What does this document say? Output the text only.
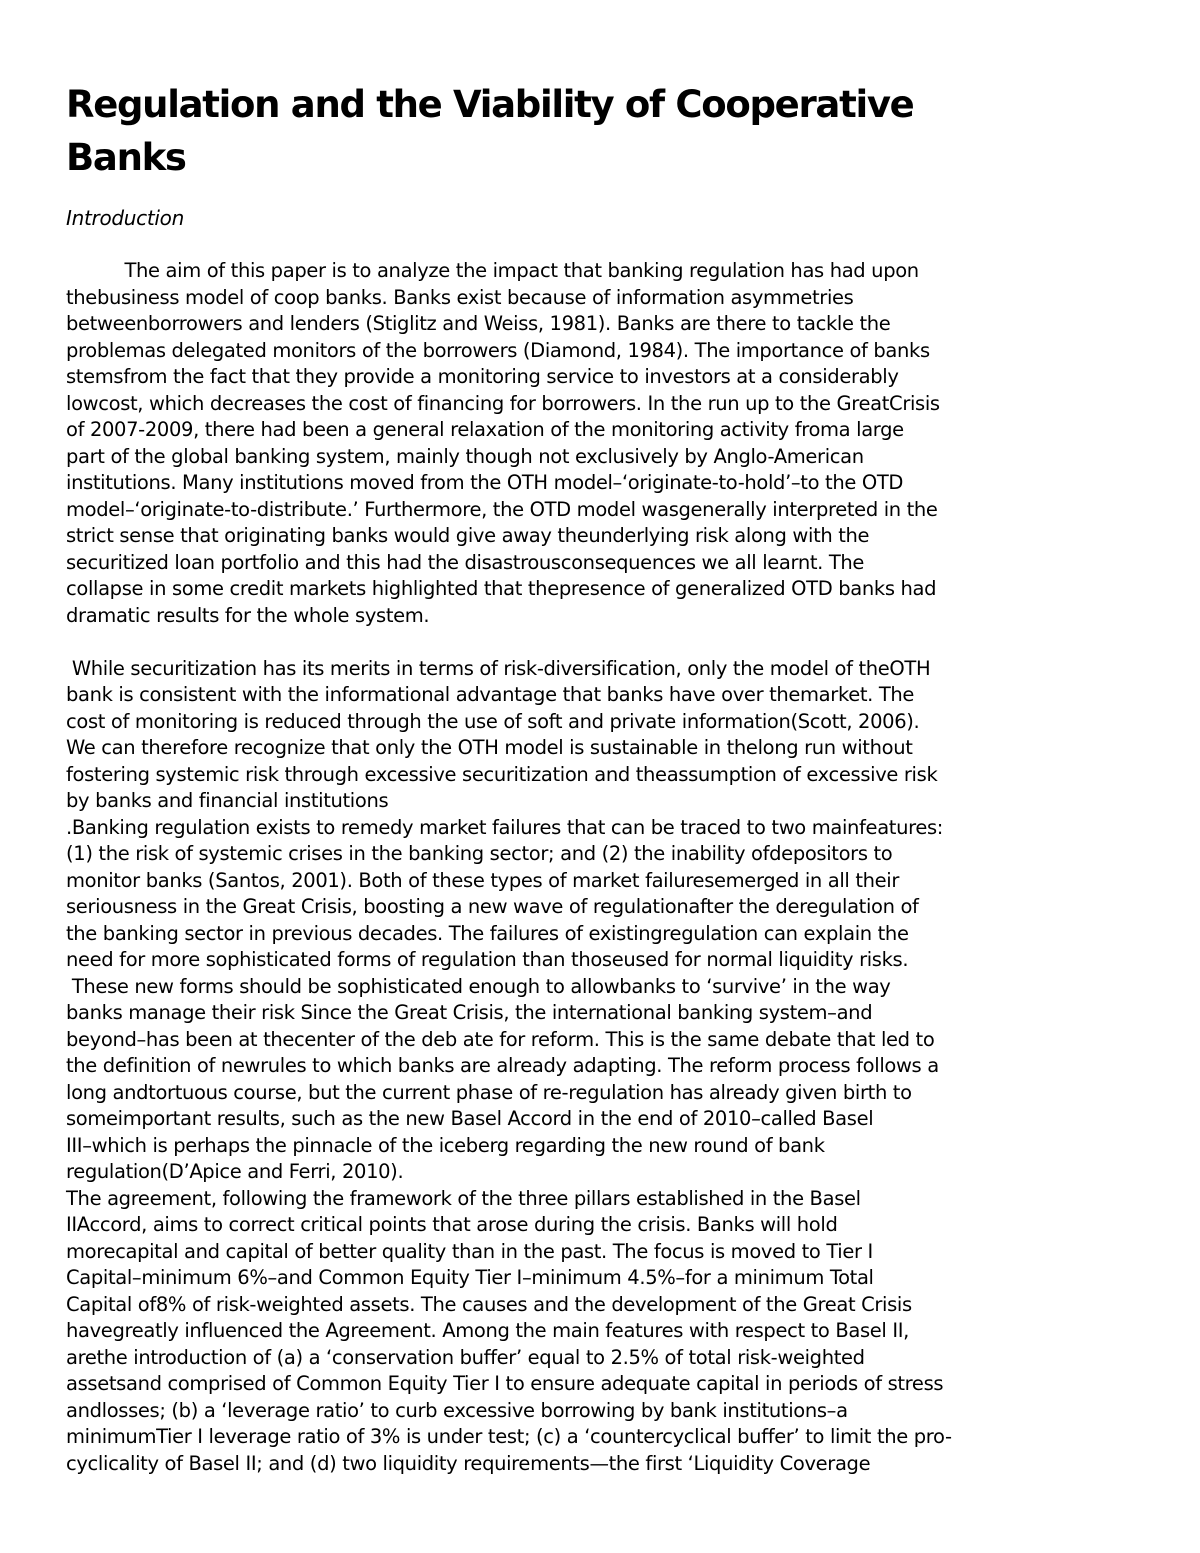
Regulation and the Viability of Cooperative
Banks

Introduction

The aim of this paper is to analyze the impact that banking regulation has had upon
thebusiness model of coop banks. Banks exist because of information asymmetries
betweenborrowers and lenders (Stiglitz and Weiss, 1981). Banks are there to tackle the
problemas delegated monitors of the borrowers (Diamond, 1984). The importance of banks
stemsfrom the fact that they provide a monitoring service to investors at a considerably
lowcost, which decreases the cost of financing for borrowers. In the run up to the GreatCrisis
of 2007-2009, there had been a general relaxation of the monitoring activity froma large
part of the global banking system, mainly though not exclusively by Anglo-American
institutions. Many institutions moved from the OTH model–‘originate-to-hold’–to the OTD
model–‘originate-to-distribute.’ Furthermore, the OTD model wasgenerally interpreted in the
strict sense that originating banks would give away theunderlying risk along with the
securitized loan portfolio and this had the disastrousconsequences we all learnt. The
collapse in some credit markets highlighted that thepresence of generalized OTD banks had
dramatic results for the whole system.
While securitization has its merits in terms of risk-diversification, only the model of theOTH
bank is consistent with the informational advantage that banks have over themarket. The
cost of monitoring is reduced through the use of soft and private information(Scott, 2006).
We can therefore recognize that only the OTH model is sustainable in thelong run without
fostering systemic risk through excessive securitization and theassumption of excessive risk
by banks and financial institutions
.Banking regulation exists to remedy market failures that can be traced to two mainfeatures:
(1) the risk of systemic crises in the banking sector; and (2) the inability ofdepositors to
monitor banks (Santos, 2001). Both of these types of market failuresemerged in all their
seriousness in the Great Crisis, boosting a new wave of regulationafter the deregulation of
the banking sector in previous decades. The failures of existingregulation can explain the
need for more sophisticated forms of regulation than thoseused for normal liquidity risks.
These new forms should be sophisticated enough to allowbanks to ‘survive’ in the way
banks manage their risk Since the Great Crisis, the international banking system–and
beyond–has been at thecenter of the deb ate for reform. This is the same debate that led to
the definition of newrules to which banks are already adapting. The reform process follows a
long andtortuous course, but the current phase of re-regulation has already given birth to
someimportant results, such as the new Basel Accord in the end of 2010–called Basel
III–which is perhaps the pinnacle of the iceberg regarding the new round of bank
regulation(D’Apice and Ferri, 2010).
The agreement, following the framework of the three pillars established in the Basel
IIAccord, aims to correct critical points that arose during the crisis. Banks will hold
morecapital and capital of better quality than in the past. The focus is moved to Tier I
Capital–minimum 6%–and Common Equity Tier I–minimum 4.5%–for a minimum Total
Capital of8% of risk-weighted assets. The causes and the development of the Great Crisis
havegreatly influenced the Agreement. Among the main features with respect to Basel II,
arethe introduction of (a) a ‘conservation buffer’ equal to 2.5% of total risk-weighted
assetsand comprised of Common Equity Tier I to ensure adequate capital in periods of stress
andlosses; (b) a ‘leverage ratio’ to curb excessive borrowing by bank institutions–a
minimumTier I leverage ratio of 3% is under test; (c) a ‘countercyclical buffer’ to limit the pro-
cyclicality of Basel II; and (d) two liquidity requirements—the first ‘Liquidity Coverage
